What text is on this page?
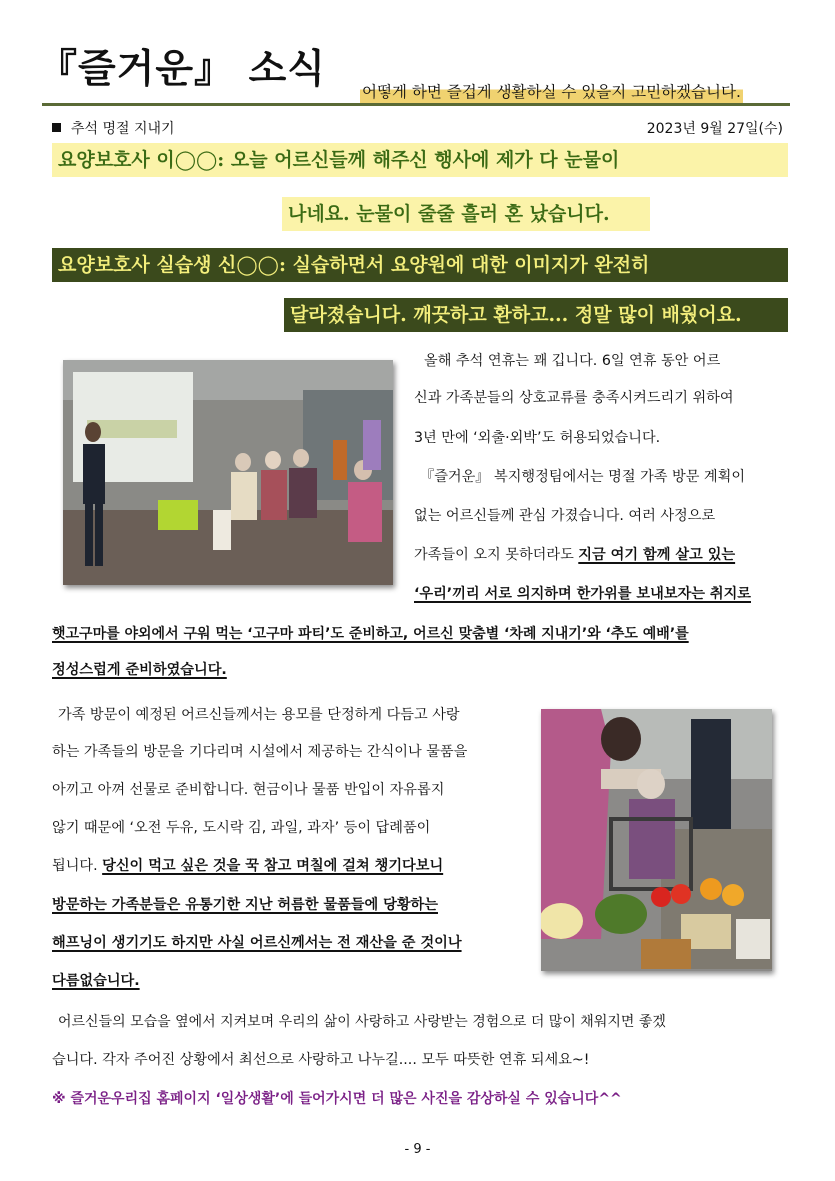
『즐거운』 소식 어떻게 하면 즐겁게 생활하실 수 있을지 고민하겠습니다.
추석 명절 지내기	2023년 9월 27일(수)
요양보호사 이◯◯: 오늘 어르신들께 해주신 행사에 제가 다 눈물이
나네요. 눈물이 줄줄 흘러 혼 났습니다.
요양보호사 실습생 신◯◯: 실습하면서 요양원에 대한 이미지가 완전히
달라졌습니다. 깨끗하고 환하고... 정말 많이 배웠어요.
올해 추석 연휴는 꽤 깁니다. 6일 연휴 동안 어르
신과 가족분들의 상호교류를 충족시켜드리기 위하여
3년 만에 ‘외출·외박’도 허용되었습니다.
『즐거운』 복지행정팀에서는 명절 가족 방문 계획이
없는 어르신들께 관심 가졌습니다. 여러 사정으로
가족들이 오지 못하더라도 지금 여기 함께 살고 있는
‘우리’끼리 서로 의지하며 한가위를 보내보자는 취지로
햇고구마를 야외에서 구워 먹는 ‘고구마 파티’도 준비하고, 어르신 맞춤별 ‘차례 지내기’와 ‘추도 예배’를
정성스럽게 준비하였습니다.
가족 방문이 예정된 어르신들께서는 용모를 단정하게 다듬고 사랑
하는 가족들의 방문을 기다리며 시설에서 제공하는 간식이나 물품을
아끼고 아껴 선물로 준비합니다. 현금이나 물품 반입이 자유롭지
않기 때문에 ‘오전 두유, 도시락 김, 과일, 과자’ 등이 답례품이
됩니다. 당신이 먹고 싶은 것을 꾹 참고 며칠에 걸쳐 챙기다보니
방문하는 가족분들은 유통기한 지난 허름한 물품들에 당황하는
해프닝이 생기기도 하지만 사실 어르신께서는 전 재산을 준 것이나
다름없습니다.
어르신들의 모습을 옆에서 지켜보며 우리의 삶이 사랑하고 사랑받는 경험으로 더 많이 채워지면 좋겠
습니다. 각자 주어진 상황에서 최선으로 사랑하고 나누길.... 모두 따뜻한 연휴 되세요~!
※ 즐거운우리집 홈페이지 ‘일상생활’에 들어가시면 더 많은 사진을 감상하실 수 있습니다^^
- 9 -
